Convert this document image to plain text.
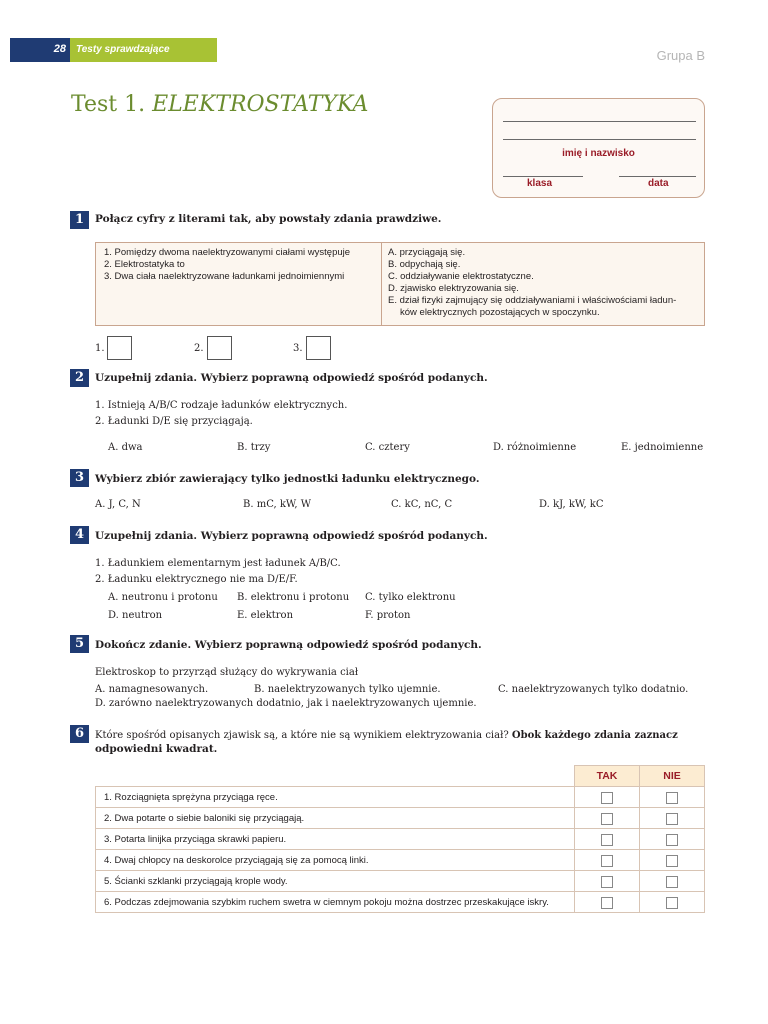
28 Testy sprawdzające	Grupa B
Test 1. ELEKTROSTATYKA
imię i nazwisko
klasa	data
1	Połącz cyfry z literami tak, aby powstały zdania prawdziwe.
1. Pomiędzy dwoma naelektryzowanymi ciałami występuje
2. Elektrostatyka to
3. Dwa ciała naelektryzowane ładunkami jednoimiennymi
A. przyciągają się.
B. odpychają się.
C. oddziaływanie elektrostatyczne.
D. zjawisko elektryzowania się.
E. dział fizyki zajmujący się oddziaływaniami i właściwościami ładun-
ków elektrycznych pozostających w spoczynku.
1.	2.	3.
2	Uzupełnij zdania. Wybierz poprawną odpowiedź spośród podanych.
1. Istnieją A/B/C rodzaje ładunków elektrycznych.
2. Ładunki D/E się przyciągają.
A. dwa	B. trzy	C. cztery	D. różnoimienne	E. jednoimienne
3	Wybierz zbiór zawierający tylko jednostki ładunku elektrycznego.
A. J, C, N	B. mC, kW, W	C. kC, nC, C	D. kJ, kW, kC
4	Uzupełnij zdania. Wybierz poprawną odpowiedź spośród podanych.
1. Ładunkiem elementarnym jest ładunek A/B/C.
2. Ładunku elektrycznego nie ma D/E/F.
A. neutronu i protonu B. elektronu i protonu C. tylko elektronu
D. neutron	E. elektron	F. proton
5	Dokończ zdanie. Wybierz poprawną odpowiedź spośród podanych.
Elektroskop to przyrząd służący do wykrywania ciał
A. namagnesowanych.	B. naelektryzowanych tylko ujemnie.	C. naelektryzowanych tylko dodatnio.
D. zarówno naelektryzowanych dodatnio, jak i naelektryzowanych ujemnie.
6	Które spośród opisanych zjawisk są, a które nie są wynikiem elektryzowania ciał? Obok każdego zdania zaznacz
odpowiedni kwadrat.
	TAK	NIE
1. Rozciągnięta sprężyna przyciąga ręce.		
2. Dwa potarte o siebie baloniki się przyciągają.		
3. Potarta linijka przyciąga skrawki papieru.		
4. Dwaj chłopcy na deskorolce przyciągają się za pomocą linki.		
5. Ścianki szklanki przyciągają krople wody.		
6. Podczas zdejmowania szybkim ruchem swetra w ciemnym pokoju można dostrzec przeskakujące iskry.		
